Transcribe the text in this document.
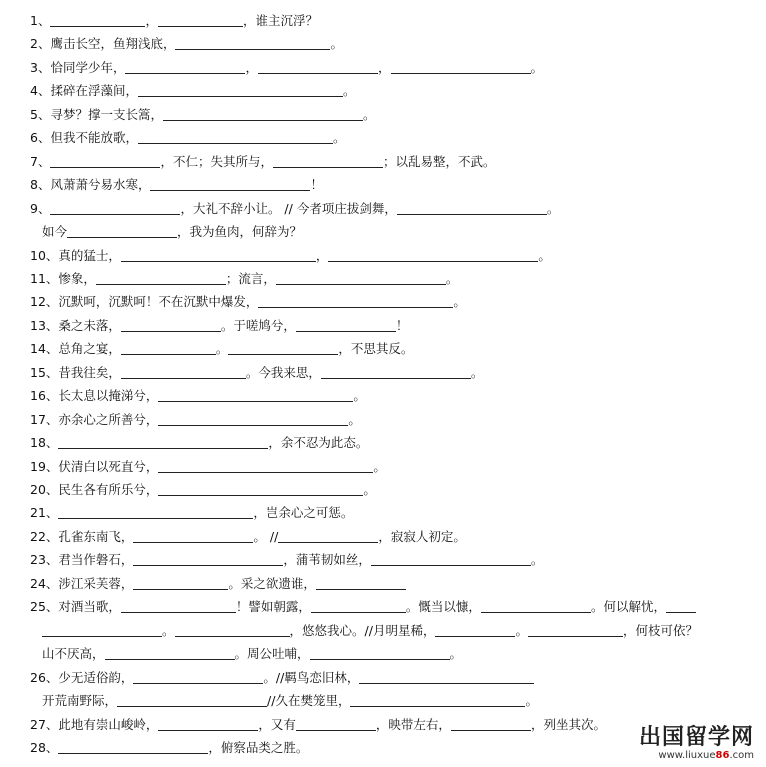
1、	，	，谁主沉浮？
2、鹰击长空，鱼翔浅底，	。
3、恰同学少年，	，	，	。
4、揉碎在浮藻间，	。
5、寻梦？撑一支长篙，	。
6、但我不能放歌，	。
7、	，不仁；失其所与，	；以乱易整，不武。
8、风萧萧兮易水寒，	！
9、	，大礼不辞小让。 // 今者项庄拔剑舞，	。
如今	，我为鱼肉，何辞为？
10、真的猛士，	，	。
11、惨象，	；流言，	。
12、沉默呵，沉默呵！不在沉默中爆发，	。
13、桑之未落，	。于嗟鸠兮，	！
14、总角之宴，	。	，不思其反。
15、昔我往矣，	。今我来思，	。
16、长太息以掩涕兮，	。
17、亦余心之所善兮，	。
18、	，余不忍为此态。
19、伏清白以死直兮，	。
20、民生各有所乐兮，	。
21、	，岂余心之可惩。
22、孔雀东南飞，	。 //	，寂寂人初定。
23、君当作磐石，	，蒲苇韧如丝，	。
24、涉江采芙蓉，	。采之欲遗谁，
25、对酒当歌，	！譬如朝露，	。慨当以慷，	。何以解忧，
。	，悠悠我心。//月明星稀，	。	，何枝可依？
山不厌高，	。周公吐哺，	。
26、少无适俗韵，	。//羁鸟恋旧林，
开荒南野际，	//久在樊笼里，	。
27、此地有崇山峻岭，	，又有	，映带左右，	，列坐其次。
28、	，俯察品类之胜。	出国留学网
www.liuxue86.com
